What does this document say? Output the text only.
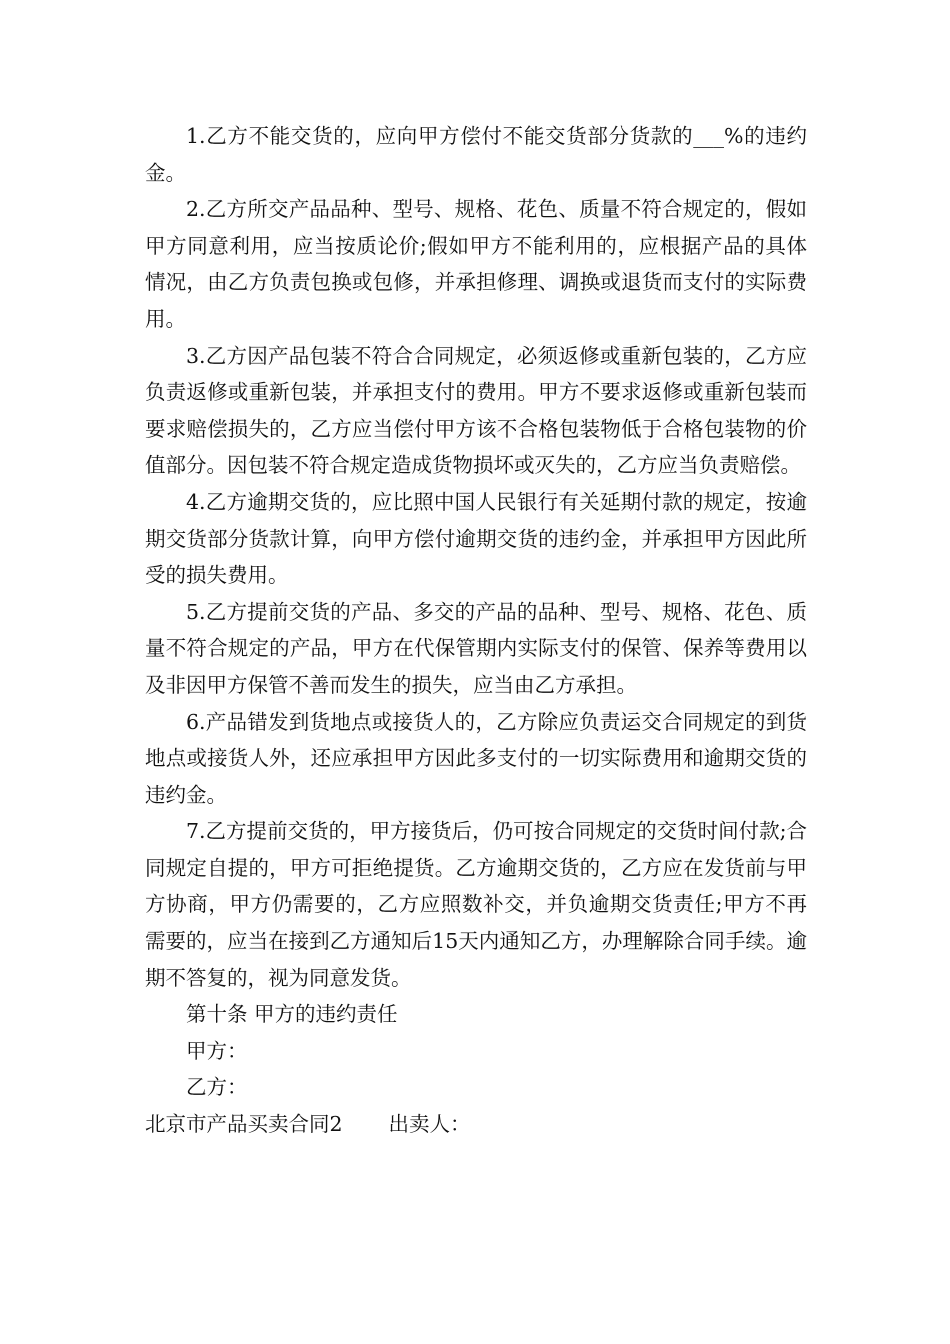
1.乙方不能交货的，应向甲方偿付不能交货部分货款的___%的违约金。

2.乙方所交产品品种、型号、规格、花色、质量不符合规定的，假如甲方同意利用，应当按质论价;假如甲方不能利用的，应根据产品的具体情况，由乙方负责包换或包修，并承担修理、调换或退货而支付的实际费用。

3.乙方因产品包装不符合合同规定，必须返修或重新包装的，乙方应负责返修或重新包装，并承担支付的费用。甲方不要求返修或重新包装而要求赔偿损失的，乙方应当偿付甲方该不合格包装物低于合格包装物的价值部分。因包装不符合规定造成货物损坏或灭失的，乙方应当负责赔偿。

4.乙方逾期交货的，应比照中国人民银行有关延期付款的规定，按逾期交货部分货款计算，向甲方偿付逾期交货的违约金，并承担甲方因此所受的损失费用。

5.乙方提前交货的产品、多交的产品的品种、型号、规格、花色、质量不符合规定的产品，甲方在代保管期内实际支付的保管、保养等费用以及非因甲方保管不善而发生的损失，应当由乙方承担。

6.产品错发到货地点或接货人的，乙方除应负责运交合同规定的到货地点或接货人外，还应承担甲方因此多支付的一切实际费用和逾期交货的违约金。

7.乙方提前交货的，甲方接货后，仍可按合同规定的交货时间付款;合同规定自提的，甲方可拒绝提货。乙方逾期交货的，乙方应在发货前与甲方协商，甲方仍需要的，乙方应照数补交，并负逾期交货责任;甲方不再需要的，应当在接到乙方通知后15天内通知乙方，办理解除合同手续。逾期不答复的，视为同意发货。

第十条 甲方的违约责任

甲方：

乙方：

北京市产品买卖合同2 出卖人：
